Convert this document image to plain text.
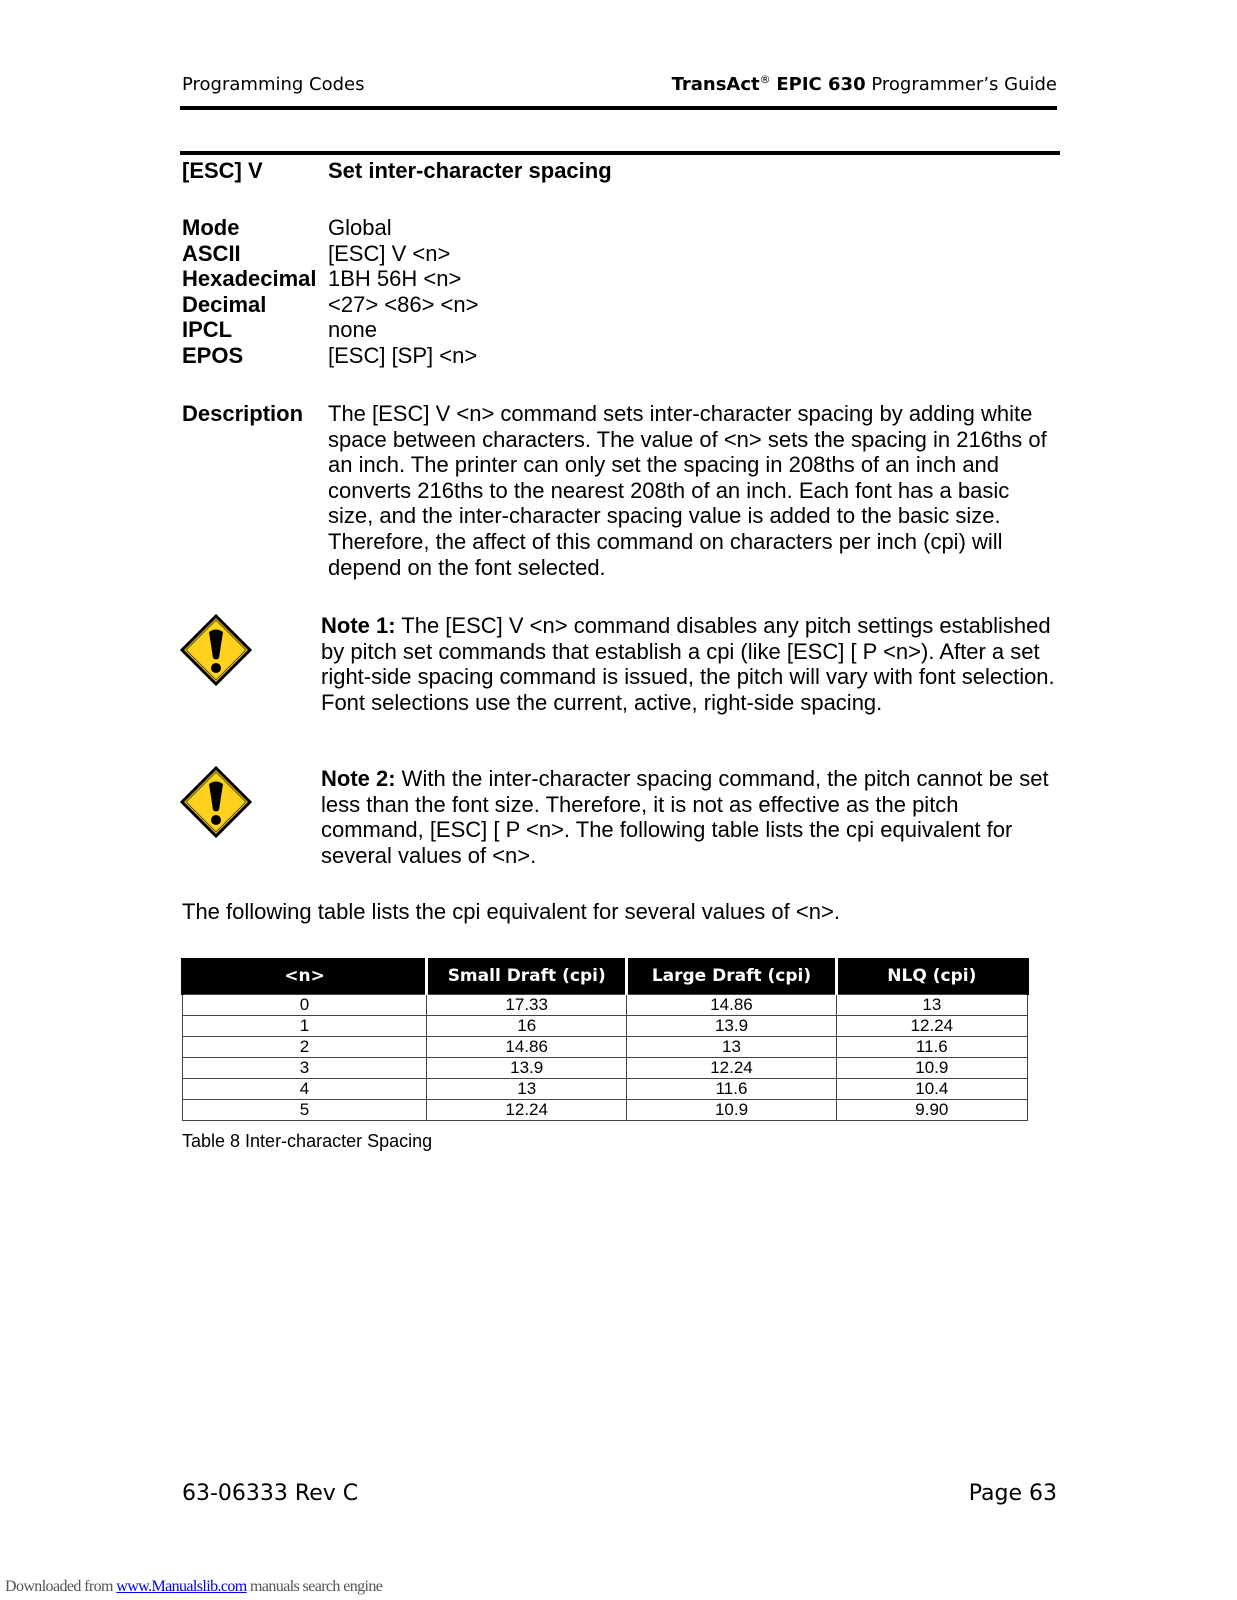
Programming Codes	TransAct® EPIC 630 Programmer’s Guide
[ESC] V	Set inter-character spacing
Mode	Global
ASCII	[ESC] V <n>
Hexadecimal 1BH 56H <n>
Decimal	<27> <86> <n>
IPCL	none
EPOS	[ESC] [SP] <n>
Description The [ESC] V <n> command sets inter-character spacing by adding white space between characters. The value of <n> sets the spacing in 216ths of an inch. The printer can only set the spacing in 208ths of an inch and converts 216ths to the nearest 208th of an inch. Each font has a basic size, and the inter-character spacing value is added to the basic size. Therefore, the affect of this command on characters per inch (cpi) will depend on the font selected.
Note 1: The [ESC] V <n> command disables any pitch settings established by pitch set commands that establish a cpi (like [ESC] [ P <n>). After a set right-side spacing command is issued, the pitch will vary with font selection. Font selections use the current, active, right-side spacing.
Note 2: With the inter-character spacing command, the pitch cannot be set less than the font size. Therefore, it is not as effective as the pitch command, [ESC] [ P <n>. The following table lists the cpi equivalent for several values of <n>.
The following table lists the cpi equivalent for several values of <n>.
<n>	Small Draft (cpi)	Large Draft (cpi)	NLQ (cpi)
0	17.33	14.86	13
1	16	13.9	12.24
2	14.86	13	11.6
3	13.9	12.24	10.9
4	13	11.6	10.4
5	12.24	10.9	9.90
Table 8 Inter-character Spacing
63-06333 Rev C	Page 63
Downloaded from www.Manualslib.com manuals search engine
